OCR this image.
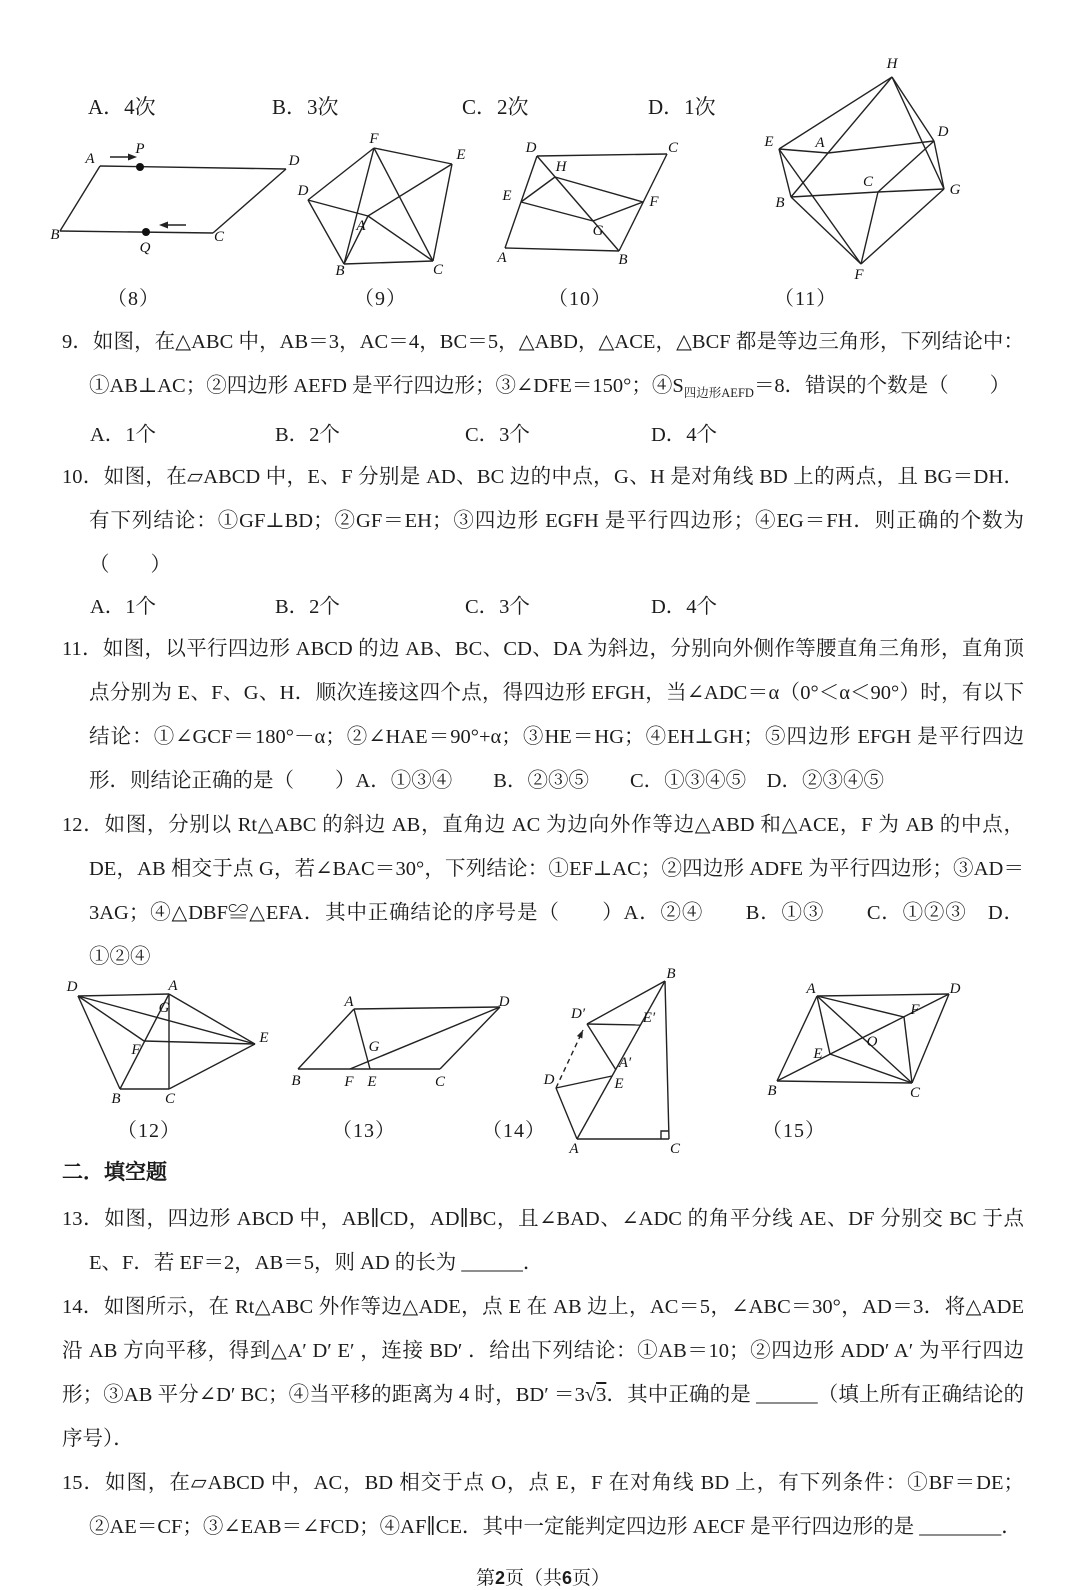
A．4次	B．3次	C．2次	D．1次
A
P
D
B
Q
C
F
E
D
A
B	C
D	C
H
E	F
G
A	B
H
E	A
D
B
C	G
F
（8）	（9）	（10）	（11）

9．如图，在△ABC 中，AB＝3，AC＝4，BC＝5，△ABD，△ACE，△BCF 都是等边三角形，下列结论中：①AB⊥AC；②四边形 AEFD 是平行四边形；③∠DFE＝150°；$④S_{四边形AEFD}=8$．错误的个数是（　　）

A．1个	B．2个	C．3个	D．4个

10．如图，在▱ABCD 中，E、F 分别是 AD、BC 边的中点，G、H 是对角线 BD 上的两点，且 BG＝DH．有下列结论：①GF⊥BD；②GF＝EH；③四边形 EGFH 是平行四边形；④EG＝FH．则正确的个数为（　　）

A．1个	B．2个	C．3个	D．4个

11．如图，以平行四边形 ABCD 的边 AB、BC、CD、DA 为斜边，分别向外侧作等腰直角三角形，直角顶点分别为 E、F、G、H．顺次连接这四个点，得四边形 EFGH，当∠ADC＝α（0°＜α＜90°）时，有以下结论：①∠GCF＝180°－α；②∠HAE＝90°+α；③HE＝HG；④EH⊥GH；⑤四边形 EFGH 是平行四边形．则结论正确的是（　　）A．①③④　　B．②③⑤　　C．①③④⑤　D．②③④⑤

12．如图，分别以 Rt△ABC 的斜边 AB，直角边 AC 为边向外作等边△ABD 和△ACE，F 为 AB 的中点，DE，AB 相交于点 G，若∠BAC＝30°，下列结论：①EF⊥AC；②四边形 ADFE 为平行四边形；③AD＝3AG；④△DBF≌△EFA．其中正确结论的序号是（　　）A．②④　　B．①③　　C．①②③　D．①②④

D	A
G
F
E
B	C
A	D
G
B	F E	C
B
D′	E′
A′
E
D
A	C
A	D
F
E
O
B	C
（12）	（13）	（14）	（15）
二．填空题

13．如图，四边形 ABCD 中，AB∥CD，AD∥BC，且∠BAD、∠ADC 的角平分线 AE、DF 分别交 BC 于点 E、F．若 EF＝2，AB＝5，则 AD 的长为 ______．

14．如图所示，在 Rt△ABC 外作等边△ADE，点 E 在 AB 边上，AC＝5，∠ABC＝30°，AD＝3．将△ADE 沿 AB 方向平移，得到△A′ D′ E′ ，连接 BD′ ．给出下列结论：①AB＝10；②四边形 ADD′ A′ 为平行四边形；③AB 平分∠D′ BC；④当平移的距离为 4 时，BD′ ＝3√3．其中正确的是 ______（填上所有正确结论的序号）．

15．如图，在▱ABCD 中，AC，BD 相交于点 O，点 E，F 在对角线 BD 上，有下列条件：①BF＝DE；②AE＝CF；③∠EAB＝∠FCD；④AF∥CE．其中一定能判定四边形 AECF 是平行四边形的是 ________．

第2页（共6页）
